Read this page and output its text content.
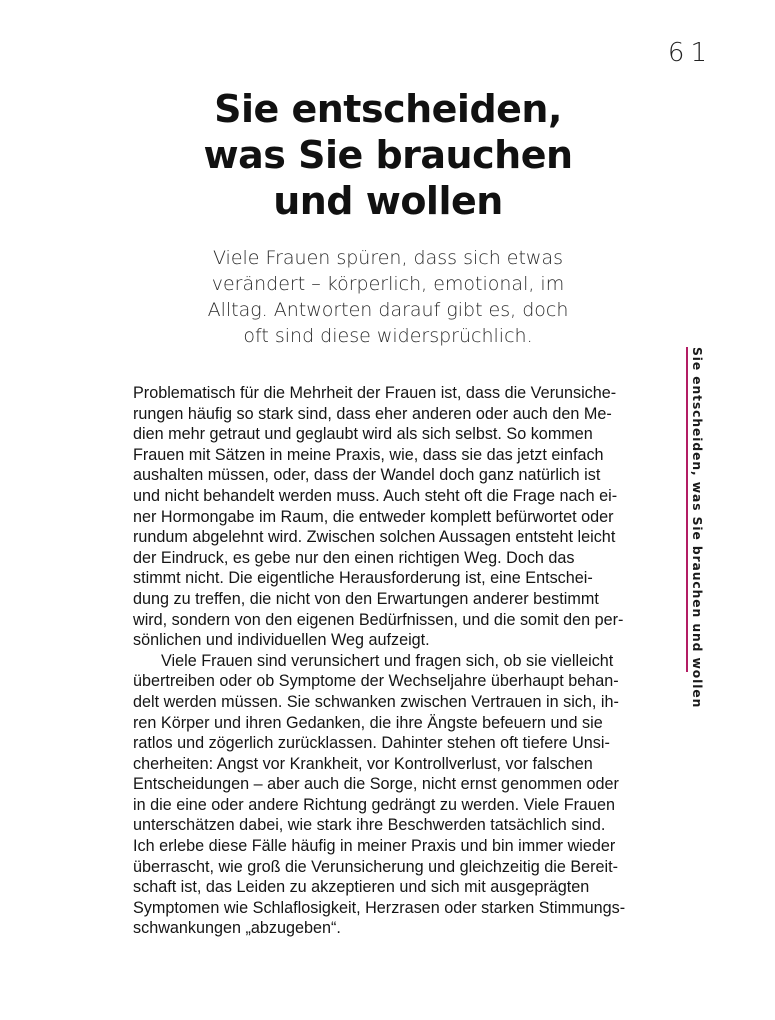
61
Sie entscheiden,
was Sie brauchen
und wollen

Viele Frauen spüren, dass sich etwas
verändert – körperlich, emotional, im
Alltag. Antworten darauf gibt es, doch
oft sind diese widersprüchlich.

Problematisch für die Mehrheit der Frauen ist, dass die Verunsiche-
rungen häufig so stark sind, dass eher anderen oder auch den Me-
dien mehr getraut und geglaubt wird als sich selbst. So kommen
Frauen mit Sätzen in meine Praxis, wie, dass sie das jetzt einfach
aushalten müssen, oder, dass der Wandel doch ganz natürlich ist
und nicht behandelt werden muss. Auch steht oft die Frage nach ei-
ner Hormongabe im Raum, die entweder komplett befürwortet oder
rundum abgelehnt wird. Zwischen solchen Aussagen entsteht leicht
der Eindruck, es gebe nur den einen richtigen Weg. Doch das
stimmt nicht. Die eigentliche Herausforderung ist, eine Entschei-
dung zu treffen, die nicht von den Erwartungen anderer bestimmt
wird, sondern von den eigenen Bedürfnissen, und die somit den per-
sönlichen und individuellen Weg aufzeigt.
Viele Frauen sind verunsichert und fragen sich, ob sie vielleicht
übertreiben oder ob Symptome der Wechseljahre überhaupt behan-
delt werden müssen. Sie schwanken zwischen Vertrauen in sich, ih-
ren Körper und ihren Gedanken, die ihre Ängste befeuern und sie
ratlos und zögerlich zurücklassen. Dahinter stehen oft tiefere Unsi-
cherheiten: Angst vor Krankheit, vor Kontrollverlust, vor falschen
Entscheidungen – aber auch die Sorge, nicht ernst genommen oder
in die eine oder andere Richtung gedrängt zu werden. Viele Frauen
unterschätzen dabei, wie stark ihre Beschwerden tatsächlich sind.
Ich erlebe diese Fälle häufig in meiner Praxis und bin immer wieder
überrascht, wie groß die Verunsicherung und gleichzeitig die Bereit-
schaft ist, das Leiden zu akzeptieren und sich mit ausgeprägten
Symptomen wie Schlaflosigkeit, Herzrasen oder starken Stimmungs-
schwankungen „abzugeben“.
Sie entscheiden, was Sie brauchen und wollen
